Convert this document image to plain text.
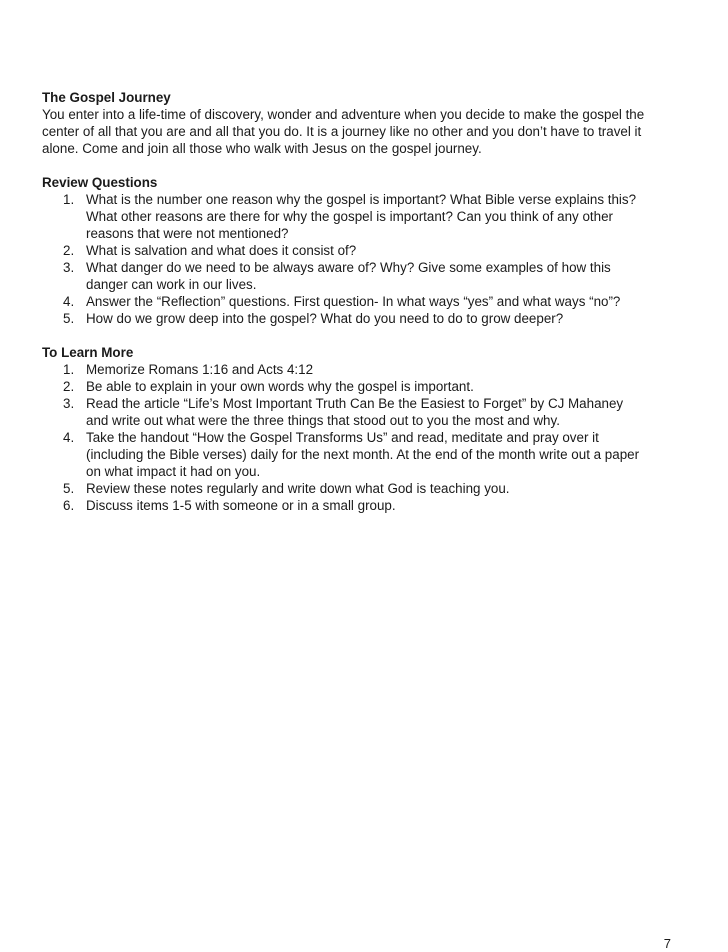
The Gospel Journey

You enter into a life-time of discovery, wonder and adventure when you decide to make the gospel the
center of all that you are and all that you do. It is a journey like no other and you don’t have to travel it
alone. Come and join all those who walk with Jesus on the gospel journey.

Review Questions

1. What is the number one reason why the gospel is important? What Bible verse explains this?
What other reasons are there for why the gospel is important? Can you think of any other
reasons that were not mentioned?
2. What is salvation and what does it consist of?
3. What danger do we need to be always aware of? Why? Give some examples of how this
danger can work in our lives.
4. Answer the “Reflection” questions. First question- In what ways “yes” and what ways “no”?
5. How do we grow deep into the gospel? What do you need to do to grow deeper?

To Learn More

1. Memorize Romans 1:16 and Acts 4:12
2. Be able to explain in your own words why the gospel is important.
3. Read the article “Life’s Most Important Truth Can Be the Easiest to Forget” by CJ Mahaney
and write out what were the three things that stood out to you the most and why.
4. Take the handout “How the Gospel Transforms Us” and read, meditate and pray over it
(including the Bible verses) daily for the next month. At the end of the month write out a paper
on what impact it had on you.
5. Review these notes regularly and write down what God is teaching you.
6. Discuss items 1-5 with someone or in a small group.
7
